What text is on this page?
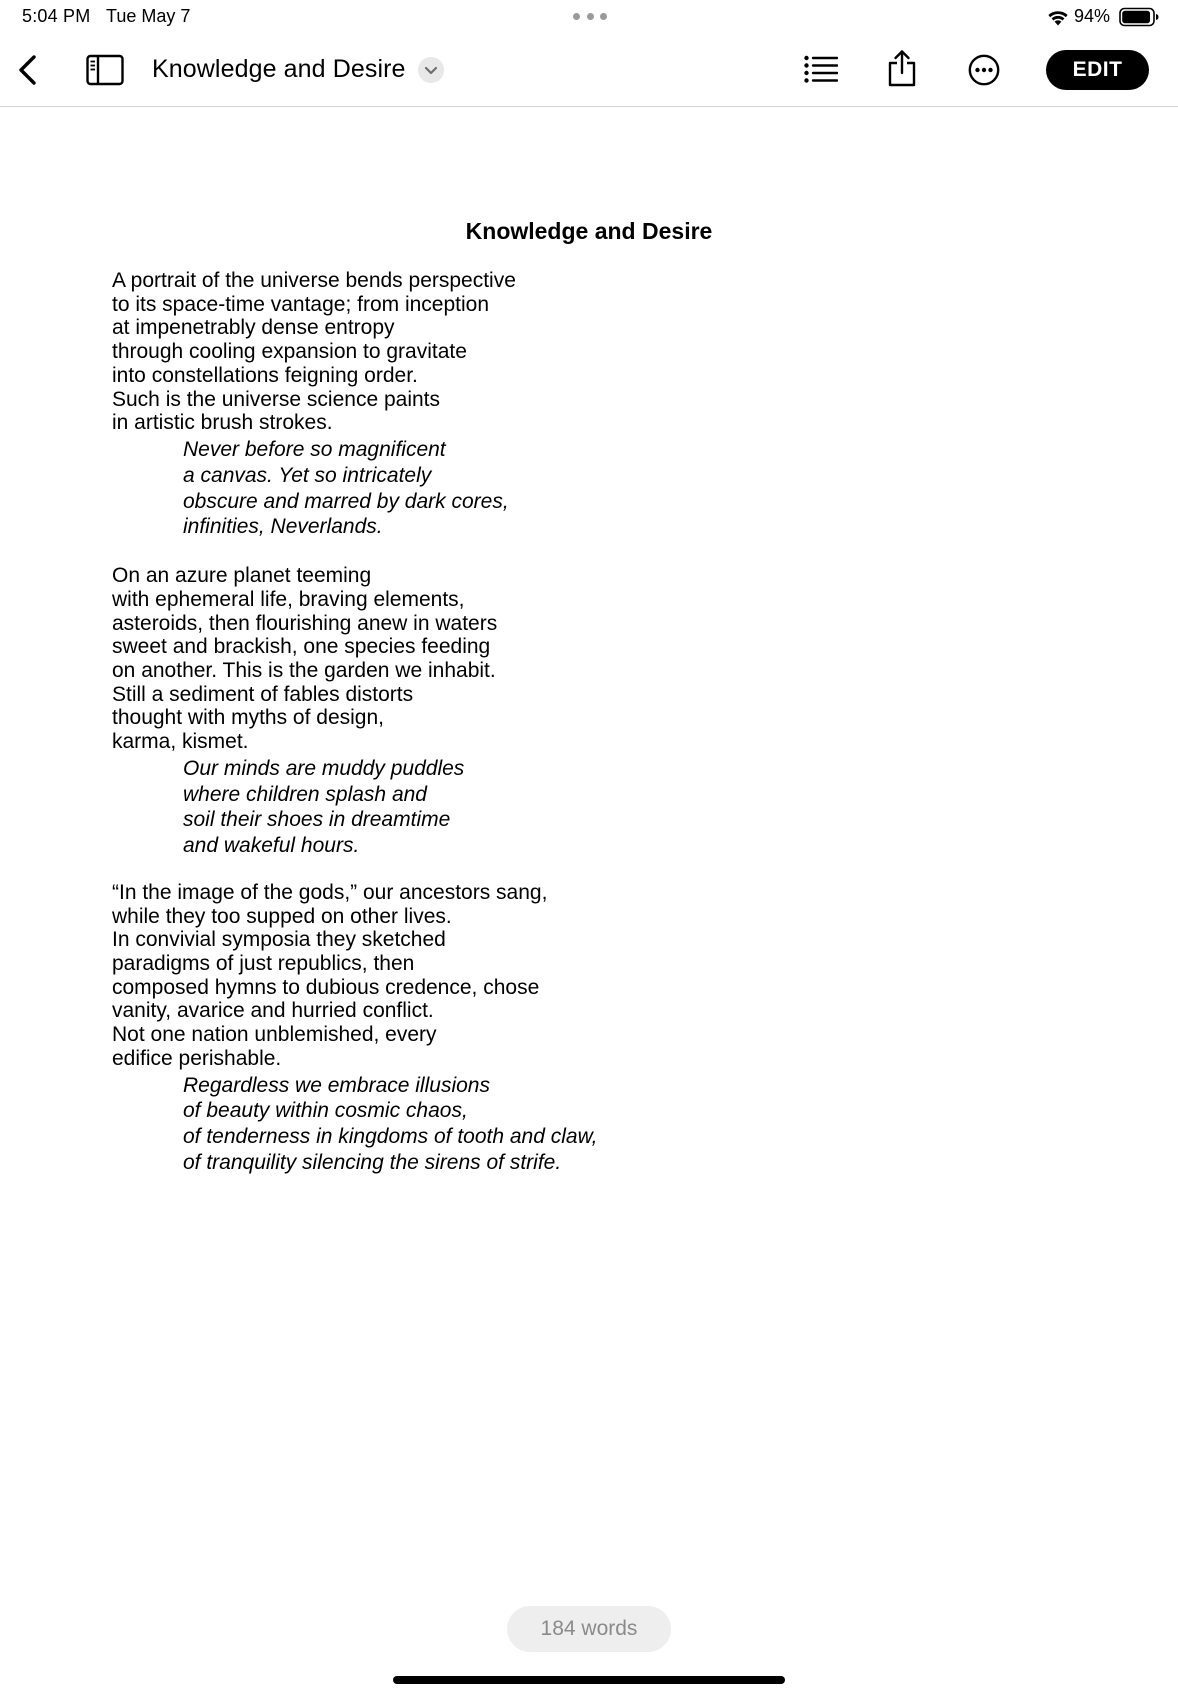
5:04 PM Tue May 7	94%
Knowledge and Desire	EDIT
Knowledge and Desire
A portrait of the universe bends perspective
to its space-time vantage; from inception
at impenetrably dense entropy
through cooling expansion to gravitate
into constellations feigning order.
Such is the universe science paints
in artistic brush strokes.
Never before so magnificent
a canvas. Yet so intricately
obscure and marred by dark cores,
infinities, Neverlands.
On an azure planet teeming
with ephemeral life, braving elements,
asteroids, then flourishing anew in waters
sweet and brackish, one species feeding
on another. This is the garden we inhabit.
Still a sediment of fables distorts
thought with myths of design,
karma, kismet.
Our minds are muddy puddles
where children splash and
soil their shoes in dreamtime
and wakeful hours.
“In the image of the gods,” our ancestors sang,
while they too supped on other lives.
In convivial symposia they sketched
paradigms of just republics, then
composed hymns to dubious credence, chose
vanity, avarice and hurried conflict.
Not one nation unblemished, every
edifice perishable.
Regardless we embrace illusions
of beauty within cosmic chaos,
of tenderness in kingdoms of tooth and claw,
of tranquility silencing the sirens of strife.
184 words
